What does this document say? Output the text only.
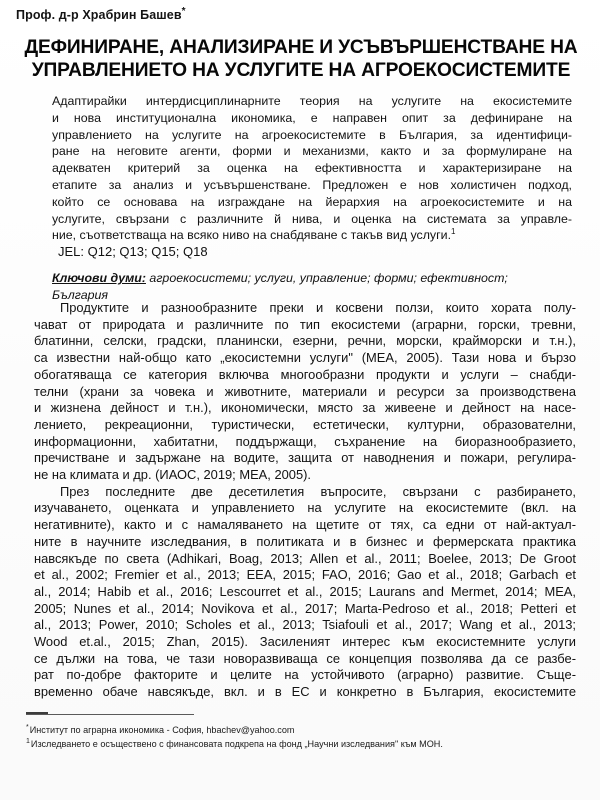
Проф. д-р Храбрин Башев*
ДЕФИНИРАНЕ, АНАЛИЗИРАНЕ И УСЪВЪРШЕНСТВАНЕ НА
УПРАВЛЕНИЕТО НА УСЛУГИТЕ НА АГРОЕКОСИСТЕМИТЕ
Адаптирайки интердисциплинарните теория на услугите на екосистемите
и нова институционална икономика, е направен опит за дефиниране на
управлението на услугите на агроекосистемите в България, за идентифици-
ране на неговите агенти, форми и механизми, както и за формулиране на
адекватен критерий за оценка на ефективността и характеризиране на
етапите за анализ и усъвършенстване. Предложен е нов холистичен подход,
който се основава на изграждане на йерархия на агроекосистемите и на
услугите, свързани с различните й нива, и оценка на системата за управле-
ние, съответстваща на всяко ниво на снабдяване с такъв вид услуги.$^1$
JEL: Q12; Q13; Q15; Q18
Ключови думи: агроекосистеми; услуги, управление; форми; ефективност;
България

Продуктите и разнообразните преки и косвени ползи, които хората полу-
чават от природата и различните по тип екосистеми (аграрни, горски, тревни,
блатинни, селски, градски, планински, езерни, речни, морски, крайморски и т.н.),
са известни най-общо като „екосистемни услуги" (МЕА, 2005). Тази нова и бързо
обогатяваща се категория включва многообразни продукти и услуги – снабди-
телни (храни за човека и животните, материали и ресурси за производствена
и жизнена дейност и т.н.), икономически, място за живеене и дейност на насе-
лението, рекреационни, туристически, естетически, културни, образователни,
информационни, хабитатни, поддържащи, съхранение на биоразнообразието,
пречистване и задържане на водите, защита от наводнения и пожари, регулира-
не на климата и др. (ИАОС, 2019; МЕА, 2005).

През последните две десетилетия въпросите, свързани с разбирането,
изучаването, оценката и управлението на услугите на екосистемите (вкл. на
негативните), както и с намаляването на щетите от тях, са едни от най-актуал-
ните в научните изследвания, в политиката и в бизнес и фермерската практика
навсякъде по света (Adhikari, Boag, 2013; Allen et al., 2011; Boelee, 2013; De Groot
et al., 2002; Fremier et al., 2013; EEA, 2015; FAO, 2016; Gao et al., 2018; Garbach et
al., 2014; Habib et al., 2016; Lescourret et al., 2015; Laurans and Mermet, 2014; MEA,
2005; Nunes et al., 2014; Novikova et al., 2017; Marta-Pedroso et al., 2018; Petteri et
al., 2013; Power, 2010; Scholes et al., 2013; Tsiafouli et al., 2017; Wang et al., 2013;
Wood et.al., 2015; Zhan, 2015). Засиленият интерес към екосистемните услуги
се дължи на това, че тази новоразвиваща се концепция позволява да се разбе-
рат по-добре факторите и целите на устойчивото (аграрно) развитие. Същe-
временно обаче навсякъде, вкл. и в ЕС и конкретно в България, екосистемите

*Институт по аграрна икономика - София, hbachev@yahoo.com
$^1$Изследването е осъществено с финансовата подкрепа на фонд „Научни изследвания" към МОН.
